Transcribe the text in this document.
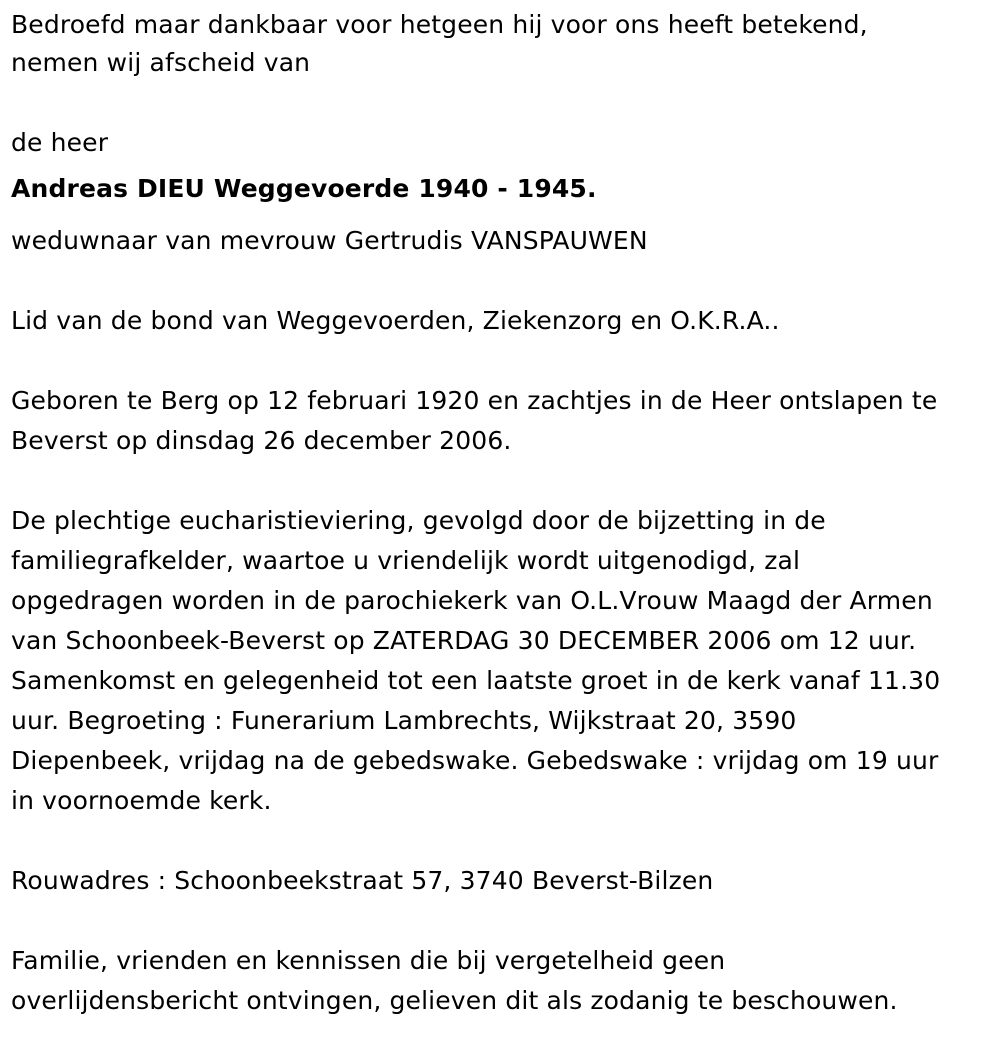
Bedroefd maar dankbaar voor hetgeen hij voor ons heeft betekend,

nemen wij afscheid van

de heer

Andreas DIEU Weggevoerde 1940 - 1945.

weduwnaar van mevrouw Gertrudis VANSPAUWEN

Lid van de bond van Weggevoerden, Ziekenzorg en O.K.R.A..

Geboren te Berg op 12 februari 1920 en zachtjes in de Heer ontslapen te

Beverst op dinsdag 26 december 2006.

De plechtige eucharistieviering, gevolgd door de bijzetting in de

familiegrafkelder, waartoe u vriendelijk wordt uitgenodigd, zal

opgedragen worden in de parochiekerk van O.L.Vrouw Maagd der Armen

van Schoonbeek-Beverst op ZATERDAG 30 DECEMBER 2006 om 12 uur.

Samenkomst en gelegenheid tot een laatste groet in de kerk vanaf 11.30

uur. Begroeting : Funerarium Lambrechts, Wijkstraat 20, 3590

Diepenbeek, vrijdag na de gebedswake. Gebedswake : vrijdag om 19 uur

in voornoemde kerk.

Rouwadres : Schoonbeekstraat 57, 3740 Beverst-Bilzen

Familie, vrienden en kennissen die bij vergetelheid geen

overlijdensbericht ontvingen, gelieven dit als zodanig te beschouwen.
